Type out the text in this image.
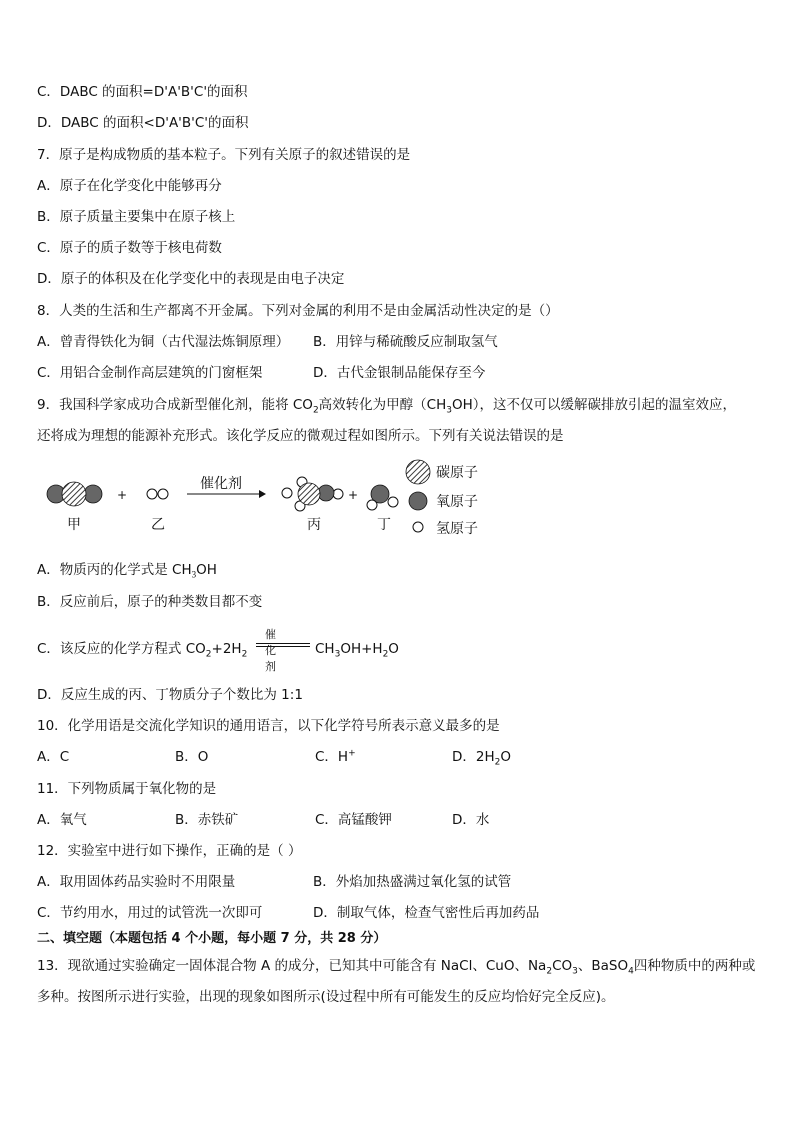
C．DABC 的面积=D'A'B'C'的面积
D．DABC 的面积<D'A'B'C'的面积
7．原子是构成物质的基本粒子。下列有关原子的叙述错误的是
A．原子在化学变化中能够再分
B．原子质量主要集中在原子核上
C．原子的质子数等于核电荷数
D．原子的体积及在化学变化中的表现是由电子决定
8．人类的生活和生产都离不开金属。下列对金属的利用不是由金属活动性决定的是（）
A．曾青得铁化为铜（古代湿法炼铜原理） B．用锌与稀硫酸反应制取氢气
C．用铝合金制作高层建筑的门窗框架	D．古代金银制品能保存至今
9．我国科学家成功合成新型催化剂，能将 $CO_2$高效转化为甲醇$(CH_3OH)$，这不仅可以缓解碳排放引起的温室效应，
还将成为理想的能源补充形式。该化学反应的微观过程如图所示。下列有关说法错误的是
甲
+
乙
催化剂
丙
+
丁
碳原子
氧原子
氢原子
A．物质丙的化学式是 $CH_3OH$
B．反应前后，原子的种类数目都不变
催化剂
C．该反应的化学方程式 $CO_2+2H_2$	$CH_3OH+H_2O$
D．反应生成的丙、丁物质分子个数比为 1:1
10．化学用语是交流化学知识的通用语言，以下化学符号所表示意义最多的是
A．C	B．O	C．H+	D．$2H_2O$
11．下列物质属于氧化物的是
A．氧气	B．赤铁矿	C．高锰酸钾	D．水
12．实验室中进行如下操作，正确的是（ ）
A．取用固体药品实验时不用限量	B．外焰加热盛满过氧化氢的试管
C．节约用水，用过的试管洗一次即可	D．制取气体，检查气密性后再加药品
二、填空题（本题包括 4 个小题，每小题 7 分，共 28 分）
13．现欲通过实验确定一固体混合物 A 的成分，已知其中可能含有 NaCl、CuO、$Na_2CO_3$、BaSO$_4$四种物质中的两种或
多种。按图所示进行实验，出现的现象如图所示(设过程中所有可能发生的反应均恰好完全反应)。
